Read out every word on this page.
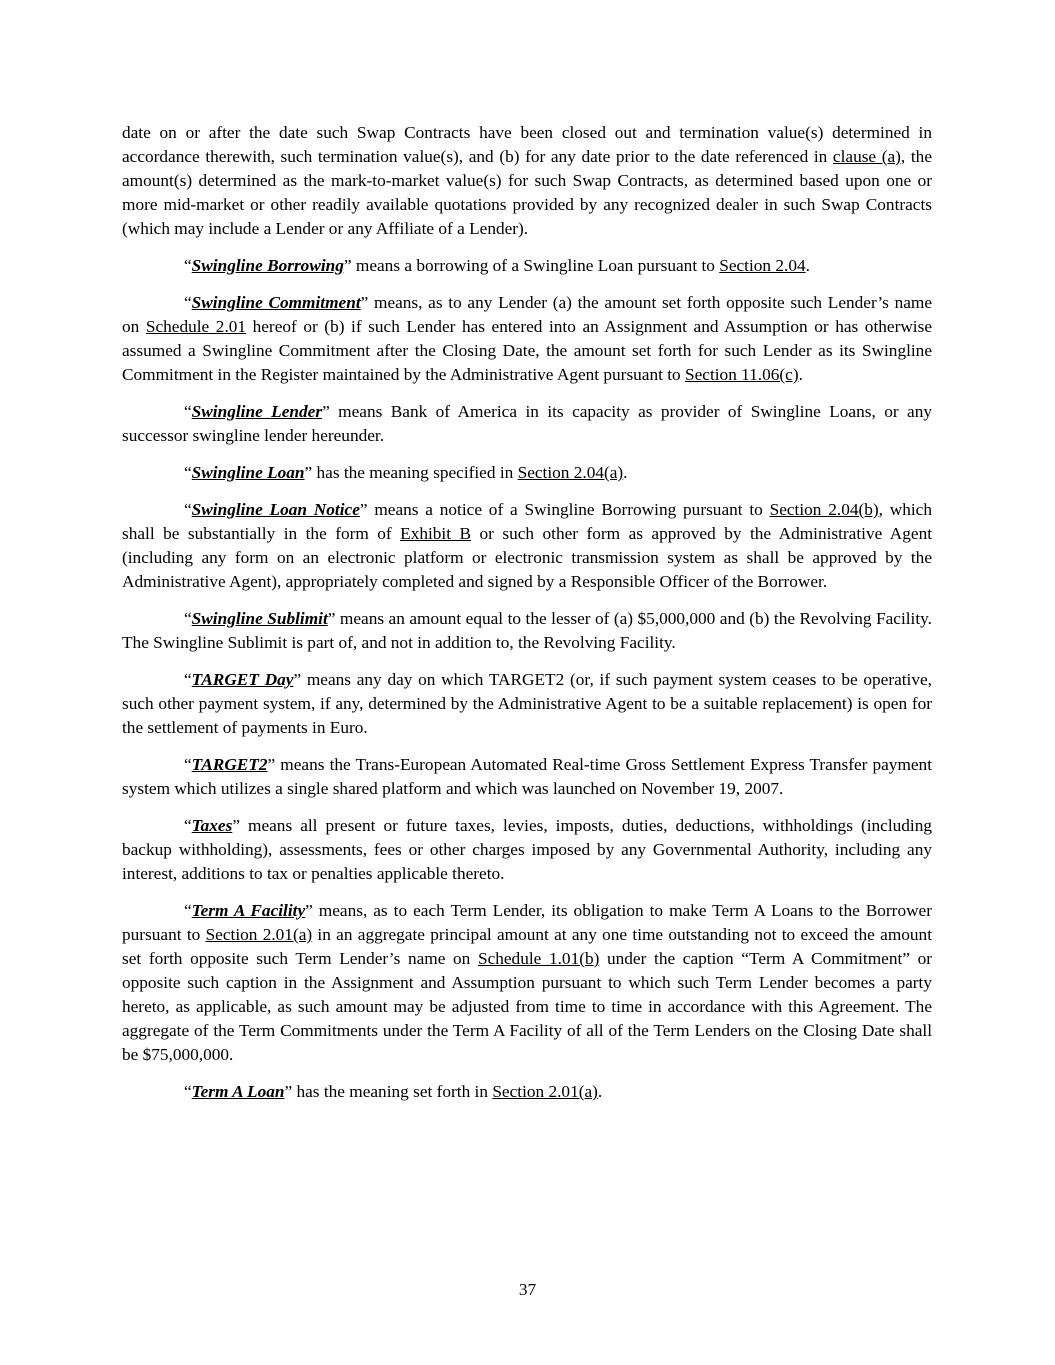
date on or after the date such Swap Contracts have been closed out and termination value(s) determined in accordance therewith, such termination value(s), and (b) for any date prior to the date referenced in clause (a), the amount(s) determined as the mark-to-market value(s) for such Swap Contracts, as determined based upon one or more mid-market or other readily available quotations provided by any recognized dealer in such Swap Contracts (which may include a Lender or any Affiliate of a Lender).

“Swingline Borrowing” means a borrowing of a Swingline Loan pursuant to Section 2.04.

“Swingline Commitment” means, as to any Lender (a) the amount set forth opposite such Lender’s name on Schedule 2.01 hereof or (b) if such Lender has entered into an Assignment and Assumption or has otherwise assumed a Swingline Commitment after the Closing Date, the amount set forth for such Lender as its Swingline Commitment in the Register maintained by the Administrative Agent pursuant to Section 11.06(c).

“Swingline Lender” means Bank of America in its capacity as provider of Swingline Loans, or any successor swingline lender hereunder.

“Swingline Loan” has the meaning specified in Section 2.04(a).

“Swingline Loan Notice” means a notice of a Swingline Borrowing pursuant to Section 2.04(b), which shall be substantially in the form of Exhibit B or such other form as approved by the Administrative Agent (including any form on an electronic platform or electronic transmission system as shall be approved by the Administrative Agent), appropriately completed and signed by a Responsible Officer of the Borrower.

“Swingline Sublimit” means an amount equal to the lesser of (a) $5,000,000 and (b) the Revolving Facility. The Swingline Sublimit is part of, and not in addition to, the Revolving Facility.

“TARGET Day” means any day on which TARGET2 (or, if such payment system ceases to be operative, such other payment system, if any, determined by the Administrative Agent to be a suitable replacement) is open for the settlement of payments in Euro.

“TARGET2” means the Trans-European Automated Real-time Gross Settlement Express Transfer payment system which utilizes a single shared platform and which was launched on November 19, 2007.

“Taxes” means all present or future taxes, levies, imposts, duties, deductions, withholdings (including backup withholding), assessments, fees or other charges imposed by any Governmental Authority, including any interest, additions to tax or penalties applicable thereto.

“Term A Facility” means, as to each Term Lender, its obligation to make Term A Loans to the Borrower pursuant to Section 2.01(a) in an aggregate principal amount at any one time outstanding not to exceed the amount set forth opposite such Term Lender’s name on Schedule 1.01(b) under the caption “Term A Commitment” or opposite such caption in the Assignment and Assumption pursuant to which such Term Lender becomes a party hereto, as applicable, as such amount may be adjusted from time to time in accordance with this Agreement. The aggregate of the Term Commitments under the Term A Facility of all of the Term Lenders on the Closing Date shall be $75,000,000.

“Term A Loan” has the meaning set forth in Section 2.01(a).

37
